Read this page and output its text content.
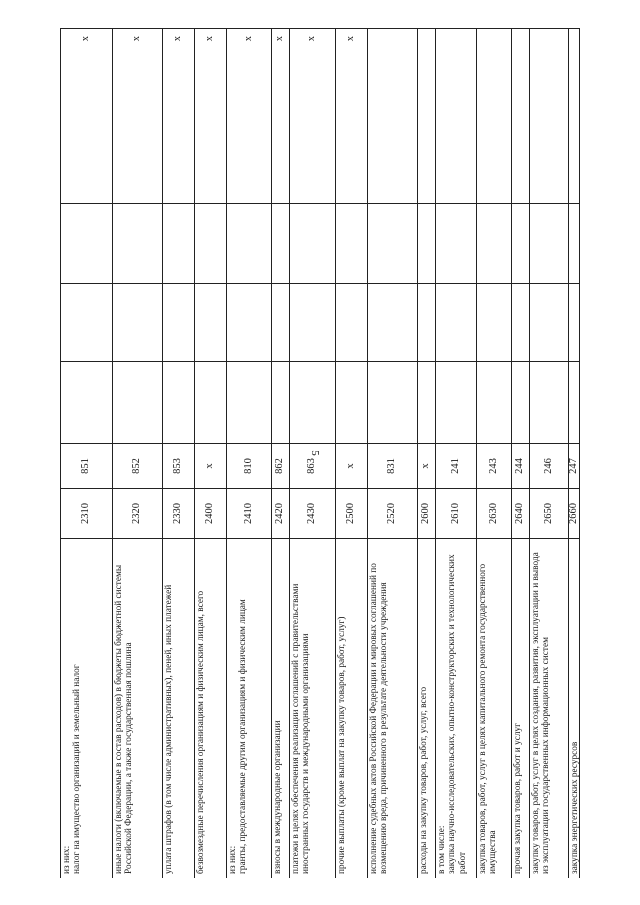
5
из них:
налог на имущество организаций и земельный налог
2310
851
x
иные налоги (включаемые в состав расходов) в бюджеты бюджетной системы Российской Федерации, а также государственная пошлина
2320
852
x
уплата штрафов (в том числе административных), пеней, иных платежей
2330
853
x
безвозмездные перечисления организациям и физическим лицам, всего
2400
x
x
из них:
гранты, предоставляемые другим организациям и физическим лицам
2410
810
x
взносы в международные организации
2420
862
x
платежи в целях обеспечения реализации соглашений с правительствами иностранных государств и международными организациями
2430
863
x
прочие выплаты (кроме выплат на закупку товаров, работ, услуг)
2500
x
x
исполнение судебных актов Российской Федерации и мировых соглашений по возмещению вреда, причиненного в результате деятельности учреждения
2520
831
расходы на закупку товаров, работ, услуг, всего
2600
x
в том числе:
закупка научно-исследовательских, опытно-конструкторских и технологических работ
2610
241
закупка товаров, работ, услуг в целях капитального ремонта государственного имущества
2630
243
прочая закупка товаров, работ и услуг
2640
244
закупку товаров, работ, услуг в целях создания, развития, эксплуатации и вывода из эксплуатации государственных информационных систем
2650
246
закупка энергетических ресурсов
2660
247
